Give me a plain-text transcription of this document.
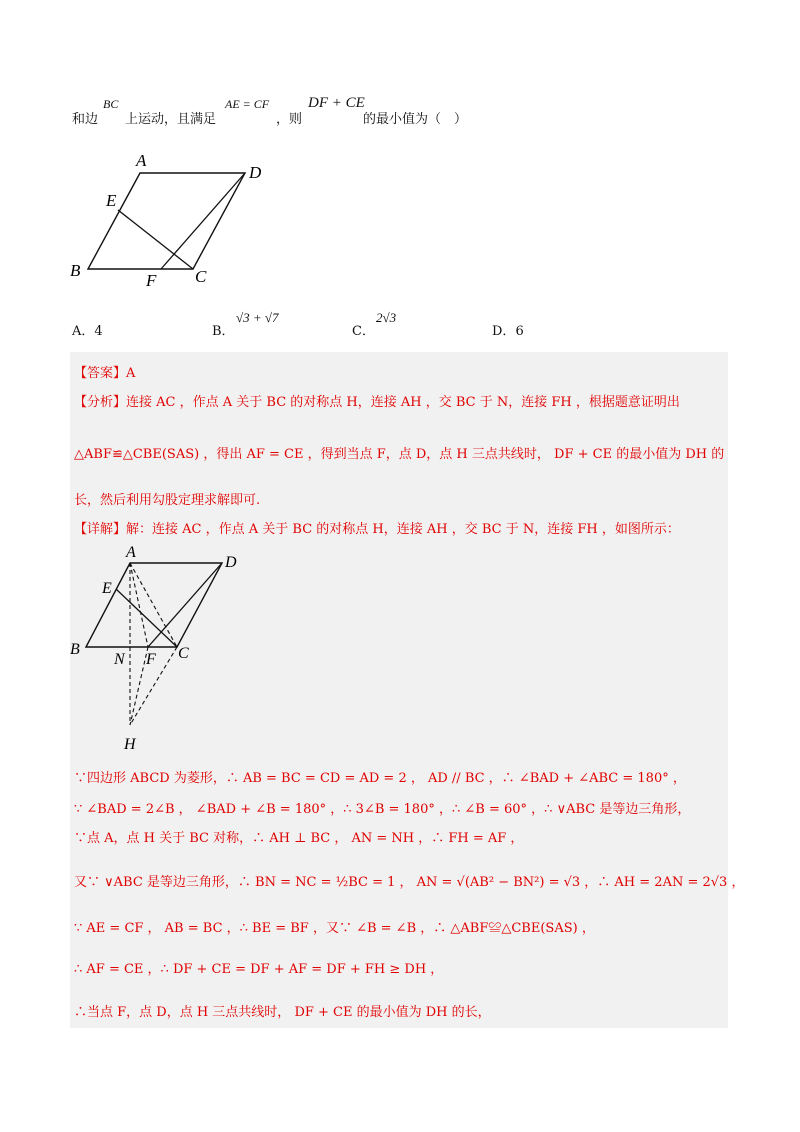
和边
BC
上运动，且满足
AE = CF
，则
DF + CE
的最小值为（　）
A
D
E
B
F C
A．4	B．
√3 + √7
C．
2√3
D．6
【答案】A
【分析】连接 AC ，作点 A 关于 BC 的对称点 H，连接 AH ，交 BC 于 N，连接 FH ，根据题意证明出
△ABF≌△CBE(SAS) ，得出 AF = CE ，得到当点 F，点 D，点 H 三点共线时， DF + CE 的最小值为 DH 的
长，然后利用勾股定理求解即可.
【详解】解：连接 AC ，作点 A 关于 BC 的对称点 H，连接 AH ，交 BC 于 N，连接 FH ，如图所示：
A
D
E
B
N F C
H
∵四边形 ABCD 为菱形，∴ AB = BC = CD = AD = 2 ， AD // BC ，∴ ∠BAD + ∠ABC = 180° ，
∵ ∠BAD = 2∠B ， ∠BAD + ∠B = 180° ，∴ 3∠B = 180° ，∴ ∠B = 60° ，∴ ∨ABC 是等边三角形，
∵点 A，点 H 关于 BC 对称，∴ AH ⊥ BC ， AN = NH ，∴ FH = AF ，
又∵ ∨ABC 是等边三角形，∴ BN = NC = ½BC = 1 ， AN = √(AB² − BN²) = √3 ，∴ AH = 2AN = 2√3 ，
∵ AE = CF ， AB = BC ，∴ BE = BF ，又∵ ∠B = ∠B ，∴ △ABF≌△CBE(SAS) ，
∴ AF = CE ，∴ DF + CE = DF + AF = DF + FH ≥ DH ，
∴当点 F，点 D，点 H 三点共线时， DF + CE 的最小值为 DH 的长，
